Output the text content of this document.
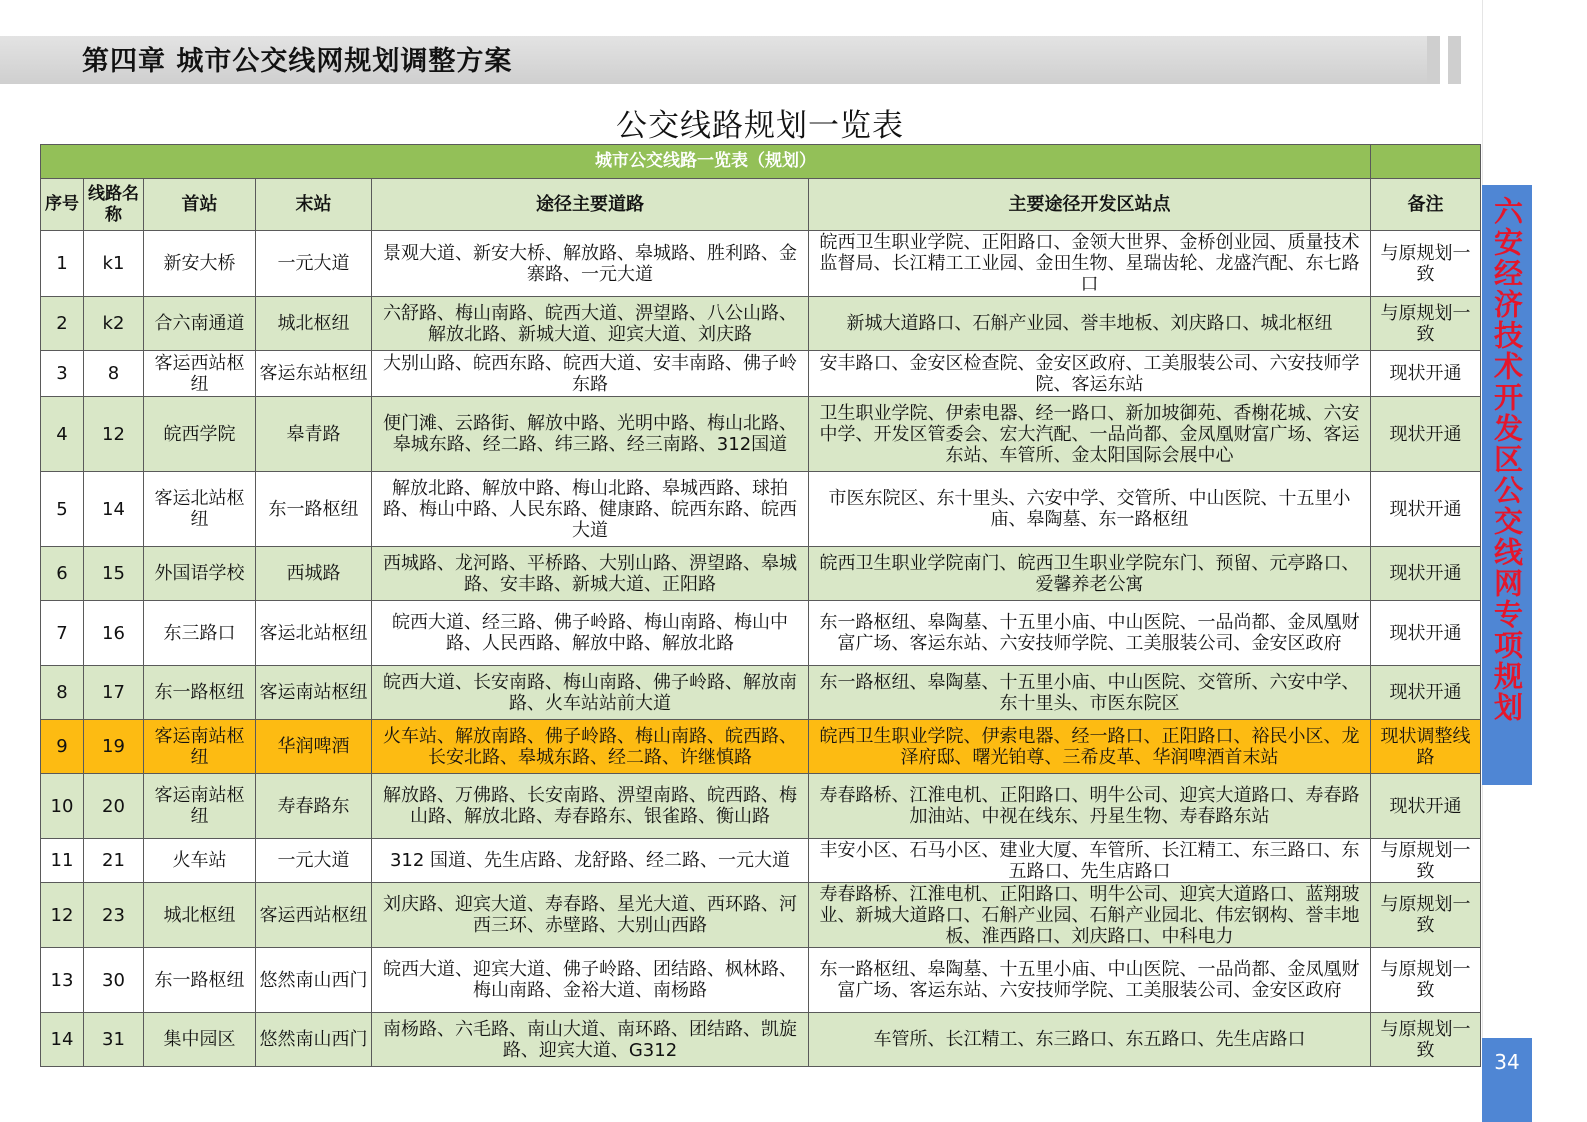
第四章 城市公交线网规划调整方案
六安经济技术开发区公交线网专项规划
34
公交线路规划一览表
城市公交线路一览表（规划）						
序号	线路名称	首站	末站	途径主要道路	主要途径开发区站点	备注
1	k1	新安大桥	一元大道	景观大道、新安大桥、解放路、皋城路、胜利路、金寨路、一元大道	皖西卫生职业学院、正阳路口、金领大世界、金桥创业园、质量技术监督局、长江精工工业园、金田生物、星瑞齿轮、龙盛汽配、东七路口	与原规划一致
2	k2	合六南通道	城北枢纽	六舒路、梅山南路、皖西大道、淠望路、八公山路、解放北路、新城大道、迎宾大道、刘庆路	新城大道路口、石斛产业园、誉丰地板、刘庆路口、城北枢纽	与原规划一致
3	8	客运西站枢纽	客运东站枢纽	大别山路、皖西东路、皖西大道、安丰南路、佛子岭东路	安丰路口、金安区检查院、金安区政府、工美服装公司、六安技师学院、客运东站	现状开通
4	12	皖西学院	皋青路	便门滩、云路街、解放中路、光明中路、梅山北路、皋城东路、经二路、纬三路、经三南路、312国道	卫生职业学院、伊索电器、经一路口、新加坡御苑、香榭花城、六安中学、开发区管委会、宏大汽配、一品尚都、金凤凰财富广场、客运东站、车管所、金太阳国际会展中心	现状开通
5	14	客运北站枢纽	东一路枢纽	解放北路、解放中路、梅山北路、皋城西路、球拍路、梅山中路、人民东路、健康路、皖西东路、皖西大道	市医东院区、东十里头、六安中学、交管所、中山医院、十五里小庙、皋陶墓、东一路枢纽	现状开通
6	15	外国语学校	西城路	西城路、龙河路、平桥路、大别山路、淠望路、皋城路、安丰路、新城大道、正阳路	皖西卫生职业学院南门、皖西卫生职业学院东门、预留、元亭路口、爱馨养老公寓	现状开通
7	16	东三路口	客运北站枢纽	皖西大道、经三路、佛子岭路、梅山南路、梅山中路、人民西路、解放中路、解放北路	东一路枢纽、皋陶墓、十五里小庙、中山医院、一品尚都、金凤凰财富广场、客运东站、六安技师学院、工美服装公司、金安区政府	现状开通
8	17	东一路枢纽	客运南站枢纽	皖西大道、长安南路、梅山南路、佛子岭路、解放南路、火车站站前大道	东一路枢纽、皋陶墓、十五里小庙、中山医院、交管所、六安中学、东十里头、市医东院区	现状开通
9	19	客运南站枢纽	华润啤酒	火车站、解放南路、佛子岭路、梅山南路、皖西路、长安北路、皋城东路、经二路、许继慎路	皖西卫生职业学院、伊索电器、经一路口、正阳路口、裕民小区、龙泽府邸、曙光铂尊、三希皮革、华润啤酒首末站	现状调整线路
10	20	客运南站枢纽	寿春路东	解放路、万佛路、长安南路、淠望南路、皖西路、梅山路、解放北路、寿春路东、银雀路、衡山路	寿春路桥、江淮电机、正阳路口、明牛公司、迎宾大道路口、寿春路加油站、中视在线东、丹星生物、寿春路东站	现状开通
11	21	火车站	一元大道	312 国道、先生店路、龙舒路、经二路、一元大道	丰安小区、石马小区、建业大厦、车管所、长江精工、东三路口、东五路口、先生店路口	与原规划一致
12	23	城北枢纽	客运西站枢纽	刘庆路、迎宾大道、寿春路、星光大道、西环路、河西三环、赤壁路、大别山西路	寿春路桥、江淮电机、正阳路口、明牛公司、迎宾大道路口、蓝翔玻业、新城大道路口、石斛产业园、石斛产业园北、伟宏钢构、誉丰地板、淮西路口、刘庆路口、中科电力	与原规划一致
13	30	东一路枢纽	悠然南山西门	皖西大道、迎宾大道、佛子岭路、团结路、枫林路、梅山南路、金裕大道、南杨路	东一路枢纽、皋陶墓、十五里小庙、中山医院、一品尚都、金凤凰财富广场、客运东站、六安技师学院、工美服装公司、金安区政府	与原规划一致
14	31	集中园区	悠然南山西门	南杨路、六毛路、南山大道、南环路、团结路、凯旋路、迎宾大道、G312	车管所、长江精工、东三路口、东五路口、先生店路口	与原规划一致
